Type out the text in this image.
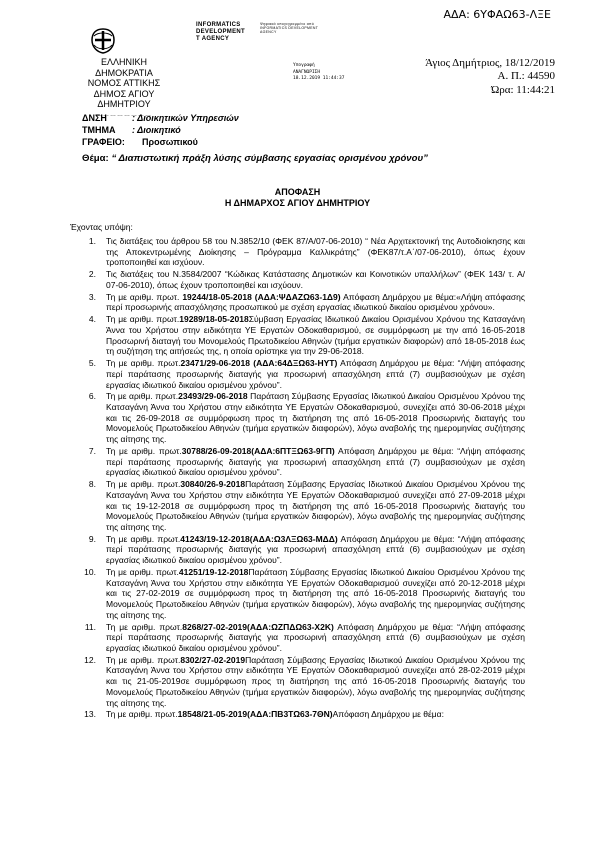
ΑΔΑ: 6ΥΦΑΩ63-ΛΞΕ
INFORMATICS
DEVELOPMENT
T AGENCY
Ψηφιακά υπογεγραμμένο από INFORMATICS DEVELOPMENT AGENCY
Υπογραφή
ΑΝΑΓΝΩΡΙΣΗ
18.12.2019 11:44:37
ΕΛΛΗΝΙΚΗ ΔΗΜΟΚΡΑΤΙΑ
ΝΟΜΟΣ ΑΤΤΙΚΗΣ
ΔΗΜΟΣ ΑΓΙΟΥ ΔΗΜΗΤΡΙΟΥ
……………………
Άγιος Δημήτριος, 18/12/2019
Α. Π.: 44590
Ώρα: 11:44:21
ΔΝΣΗ	: Διοικητικών Υπηρεσιών
ΤΜΗΜΑ	: Διοικητικό
ΓΡΑΦΕΙΟ:	Προσωπικού
Θέμα: “ Διαπιστωτική πράξη λύσης σύμβασης εργασίας ορισμένου χρόνου”
ΑΠΟΦΑΣΗ
Η ΔΗΜΑΡΧΟΣ ΑΓΙΟΥ ΔΗΜΗΤΡΙΟΥ
Έχοντας υπόψη:
1.	Τις διατάξεις του άρθρου 58 του Ν.3852/10 (ΦΕΚ 87/Α/07-06-2010) “ Νέα Αρχιτεκτονική της Αυτοδιοίκησης και της Αποκεντρωμένης Διοίκησης – Πρόγραμμα Καλλικράτης” (ΦΕΚ87/τ.Α΄/07-06-2010), όπως έχουν τροποποιηθεί και ισχύουν.
2.	Τις διατάξεις του Ν.3584/2007 “Κώδικας Κατάστασης Δημοτικών και Κοινοτικών υπαλλήλων” (ΦΕΚ 143/ τ. Α/ 07-06-2010), όπως έχουν τροποποιηθεί και ισχύουν.
3.	Τη με αριθμ. πρωτ. 19244/18-05-2018 (ΑΔΑ:ΨΔΑΖΩ63-1Δ9) Απόφαση Δημάρχου με θέμα:«Λήψη απόφασης περί προσωρινής απασχόλησης προσωπικού με σχέση εργασίας ιδιωτικού δικαίου ορισμένου χρόνου».
4.	Τη με αριθμ. πρωτ.19289/18-05-2018Σύμβαση Εργασίας Ιδιωτικού Δικαίου Ορισμένου Χρόνου της Κατσαγάνη Άννα του Χρήστου στην ειδικότητα ΥΕ Εργατών Οδοκαθαρισμού, σε συμμόρφωση με την από 16-05-2018 Προσωρινή διαταγή του Μονομελούς Πρωτοδικείου Αθηνών (τμήμα εργατικών διαφορών) από 18-05-2018 έως τη συζήτηση της αιτήσεώς της, η οποία ορίστηκε για την 29-06-2018.
5.	Τη με αριθμ. πρωτ.23471/29-06-2018 (ΑΔΑ:64ΔΞΩ63-ΗΥΤ) Απόφαση Δημάρχου με θέμα: “Λήψη απόφασης περί παράτασης προσωρινής διαταγής για προσωρινή απασχόληση επτά (7) συμβασιούχων με σχέση εργασίας ιδιωτικού δικαίου ορισμένου χρόνου”.
6.	Τη με αριθμ. πρωτ.23493/29-06-2018 Παράταση Σύμβασης Εργασίας Ιδιωτικού Δικαίου Ορισμένου Χρόνου της Κατσαγάνη Άννα του Χρήστου στην ειδικότητα ΥΕ Εργατών Οδοκαθαρισμού, συνεχίζει από 30-06-2018 μέχρι και τις 26-09-2018 σε συμμόρφωση προς τη διατήρηση της από 16-05-2018 Προσωρινής διαταγής του Μονομελούς Πρωτοδικείου Αθηνών (τμήμα εργατικών διαφορών), λόγω αναβολής της ημερομηνίας συζήτησης της αίτησης της.
7.	Τη με αριθμ. πρωτ.30788/26-09-2018(ΑΔΑ:6ΠΤΞΩ63-9ΓΠ) Απόφαση Δημάρχου με θέμα: “Λήψη απόφασης περί παράτασης προσωρινής διαταγής για προσωρινή απασχόληση επτά (7) συμβασιούχων με σχέση εργασίας ιδιωτικού δικαίου ορισμένου χρόνου”.
8.	Τη με αριθμ. πρωτ.30840/26-9-2018Παράταση Σύμβασης Εργασίας Ιδιωτικού Δικαίου Ορισμένου Χρόνου της Κατσαγάνη Άννα του Χρήστου στην ειδικότητα ΥΕ Εργατών Οδοκαθαρισμού συνεχίζει από 27-09-2018 μέχρι και τις 19-12-2018 σε συμμόρφωση προς τη διατήρηση της από 16-05-2018 Προσωρινής διαταγής του Μονομελούς Πρωτοδικείου Αθηνών (τμήμα εργατικών διαφορών), λόγω αναβολής της ημερομηνίας συζήτησης της αίτησης της.
9.	Τη με αριθμ. πρωτ.41243/19-12-2018(ΑΔΑ:Ω3ΛΞΩ63-ΜΔΔ) Απόφαση Δημάρχου με θέμα: “Λήψη απόφασης περί παράτασης προσωρινής διαταγής για προσωρινή απασχόληση επτά (6) συμβασιούχων με σχέση εργασίας ιδιωτικού δικαίου ορισμένου χρόνου”.
10.	Τη με αριθμ. πρωτ.41251/19-12-2018Παράταση Σύμβασης Εργασίας Ιδιωτικού Δικαίου Ορισμένου Χρόνου της Κατσαγάνη Άννα του Χρήστου στην ειδικότητα ΥΕ Εργατών Οδοκαθαρισμού συνεχίζει από 20-12-2018 μέχρι και τις 27-02-2019 σε συμμόρφωση προς τη διατήρηση της από 16-05-2018 Προσωρινής διαταγής του Μονομελούς Πρωτοδικείου Αθηνών (τμήμα εργατικών διαφορών), λόγω αναβολής της ημερομηνίας συζήτησης της αίτησης της.
11.	Τη με αριθμ. πρωτ.8268/27-02-2019(ΑΔΑ:ΩΖΠΔΩ63-Χ2Κ) Απόφαση Δημάρχου με θέμα: “Λήψη απόφασης περί παράτασης προσωρινής διαταγής για προσωρινή απασχόληση επτά (6) συμβασιούχων με σχέση εργασίας ιδιωτικού δικαίου ορισμένου χρόνου”.
12.	Τη με αριθμ. πρωτ.8302/27-02-2019Παράταση Σύμβασης Εργασίας Ιδιωτικού Δικαίου Ορισμένου Χρόνου της Κατσαγάνη Άννα του Χρήστου στην ειδικότητα ΥΕ Εργατών Οδοκαθαρισμού συνεχίζει από 28-02-2019 μέχρι και τις 21-05-2019σε συμμόρφωση προς τη διατήρηση της από 16-05-2018 Προσωρινής διαταγής του Μονομελούς Πρωτοδικείου Αθηνών (τμήμα εργατικών διαφορών), λόγω αναβολής της ημερομηνίας συζήτησης της αίτησης της.
13.	Τη με αριθμ. πρωτ.18548/21-05-2019(ΑΔΑ:ΠΒ3ΤΩ63-7ΘΝ)Απόφαση Δημάρχου με θέμα:
